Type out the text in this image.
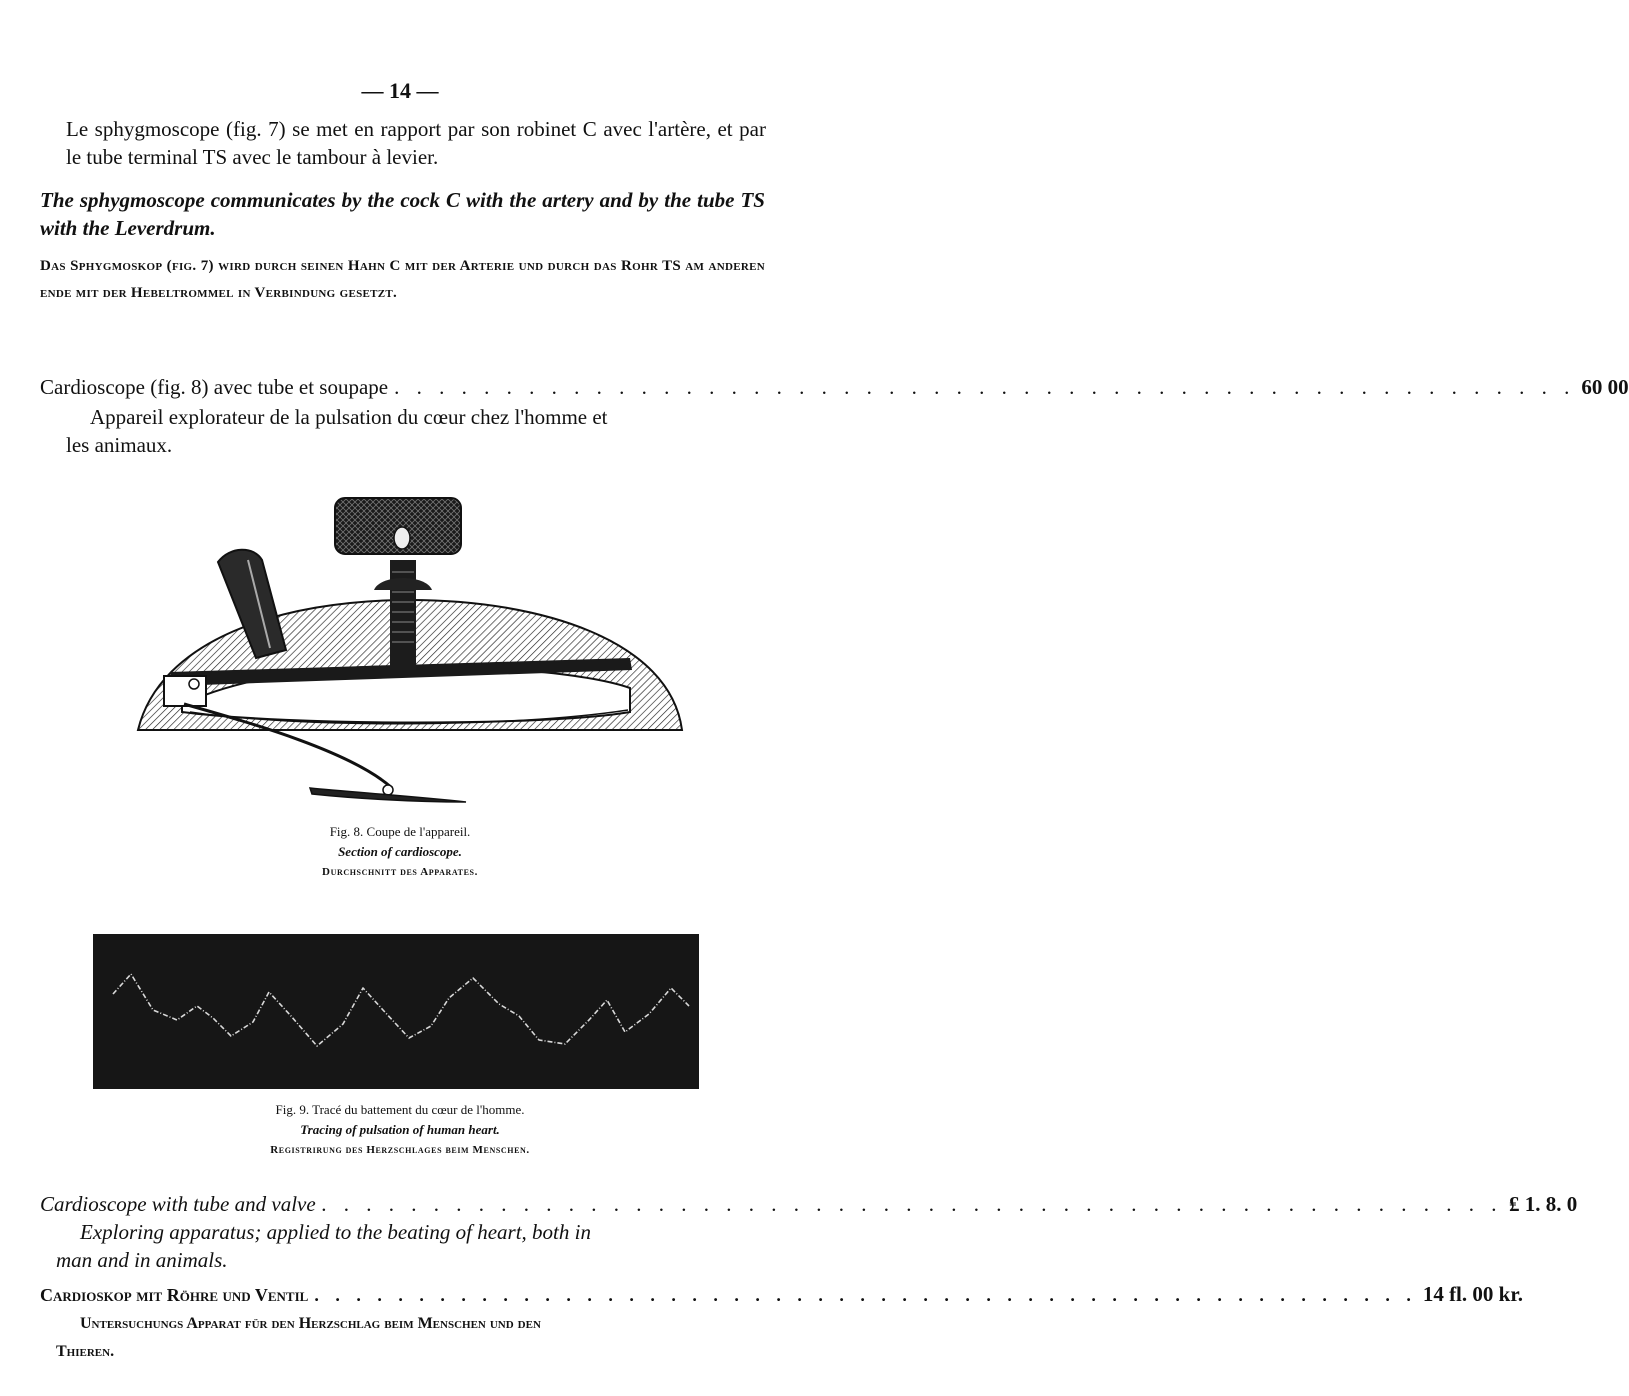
— 14 —

Le sphygmoscope (fig. 7) se met en rapport par son robinet C avec l'artère, et par le tube terminal TS avec le tambour à levier.

The sphygmoscope communicates by the cock C with the artery and by the tube TS with the Leverdrum.

Das Sphygmoskop (fig. 7) wird durch seinen Hahn C mit der Arterie und durch das Rohr TS am anderen ende mit der Hebeltrommel in Verbindung gesetzt.

Cardioscope (fig. 8) avec tube et soupape . . . . . . . . . . . . . . . . . . . . . . . . . . . . . . . . . . . . . . . . . . . . . . . . . . . . . 60 00

Appareil explorateur de la pulsation du cœur chez l'homme et les animaux.

Fig. 8. Coupe de l'appareil.
Section of cardioscope.
Durchschnitt des Apparates.
Fig. 9. Tracé du battement du cœur de l'homme.
Tracing of pulsation of human heart.
Registrirung des Herzschlages beim Menschen.
Cardioscope with tube and valve . . . . . . . . . . . . . . . . . . . . . . . . . . . . . . . . . . . . . . . . . . . . . . . . . . . . . ₤ 1. 8. 0

Exploring apparatus; applied to the beating of heart, both in man and in animals.

Cardioskop mit Röhre und Ventil . . . . . . . . . . . . . . . . . . . . . . . . . . . . . . . . . . . . . . . . . . . . . . . . . . . . . 14 fl. 00 kr.

Untersuchungs Apparat für den Herzschlag beim Menschen und den Thieren.
